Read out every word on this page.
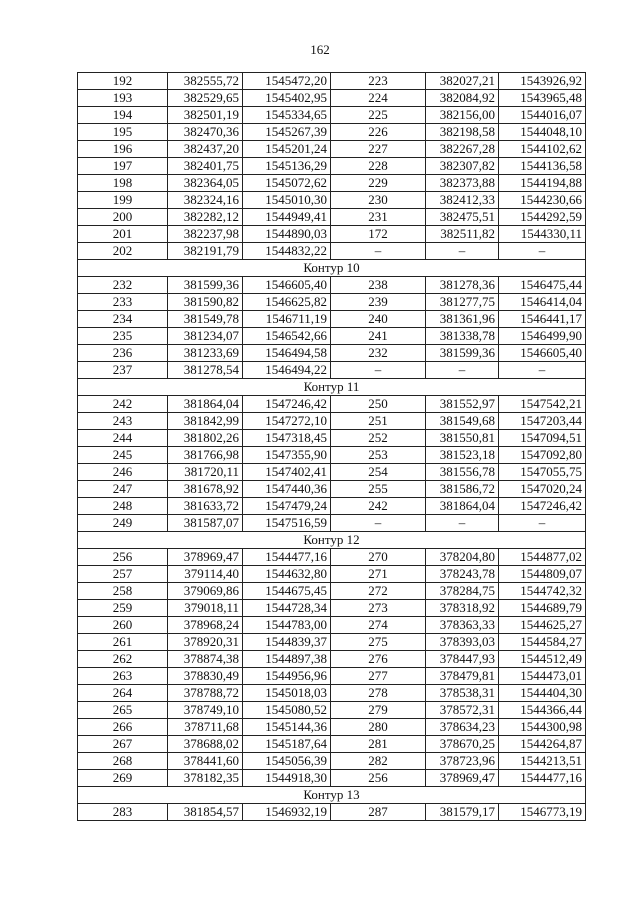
162
192	382555,72	1545472,20	223	382027,21	1543926,92
193	382529,65	1545402,95	224	382084,92	1543965,48
194	382501,19	1545334,65	225	382156,00	1544016,07
195	382470,36	1545267,39	226	382198,58	1544048,10
196	382437,20	1545201,24	227	382267,28	1544102,62
197	382401,75	1545136,29	228	382307,82	1544136,58
198	382364,05	1545072,62	229	382373,88	1544194,88
199	382324,16	1545010,30	230	382412,33	1544230,66
200	382282,12	1544949,41	231	382475,51	1544292,59
201	382237,98	1544890,03	172	382511,82	1544330,11
202	382191,79	1544832,22	–	–	–
Контур 10					
232	381599,36	1546605,40	238	381278,36	1546475,44
233	381590,82	1546625,82	239	381277,75	1546414,04
234	381549,78	1546711,19	240	381361,96	1546441,17
235	381234,07	1546542,66	241	381338,78	1546499,90
236	381233,69	1546494,58	232	381599,36	1546605,40
237	381278,54	1546494,22	–	–	–
Контур 11					
242	381864,04	1547246,42	250	381552,97	1547542,21
243	381842,99	1547272,10	251	381549,68	1547203,44
244	381802,26	1547318,45	252	381550,81	1547094,51
245	381766,98	1547355,90	253	381523,18	1547092,80
246	381720,11	1547402,41	254	381556,78	1547055,75
247	381678,92	1547440,36	255	381586,72	1547020,24
248	381633,72	1547479,24	242	381864,04	1547246,42
249	381587,07	1547516,59	–	–	–
Контур 12					
256	378969,47	1544477,16	270	378204,80	1544877,02
257	379114,40	1544632,80	271	378243,78	1544809,07
258	379069,86	1544675,45	272	378284,75	1544742,32
259	379018,11	1544728,34	273	378318,92	1544689,79
260	378968,24	1544783,00	274	378363,33	1544625,27
261	378920,31	1544839,37	275	378393,03	1544584,27
262	378874,38	1544897,38	276	378447,93	1544512,49
263	378830,49	1544956,96	277	378479,81	1544473,01
264	378788,72	1545018,03	278	378538,31	1544404,30
265	378749,10	1545080,52	279	378572,31	1544366,44
266	378711,68	1545144,36	280	378634,23	1544300,98
267	378688,02	1545187,64	281	378670,25	1544264,87
268	378441,60	1545056,39	282	378723,96	1544213,51
269	378182,35	1544918,30	256	378969,47	1544477,16
Контур 13					
283	381854,57	1546932,19	287	381579,17	1546773,19
